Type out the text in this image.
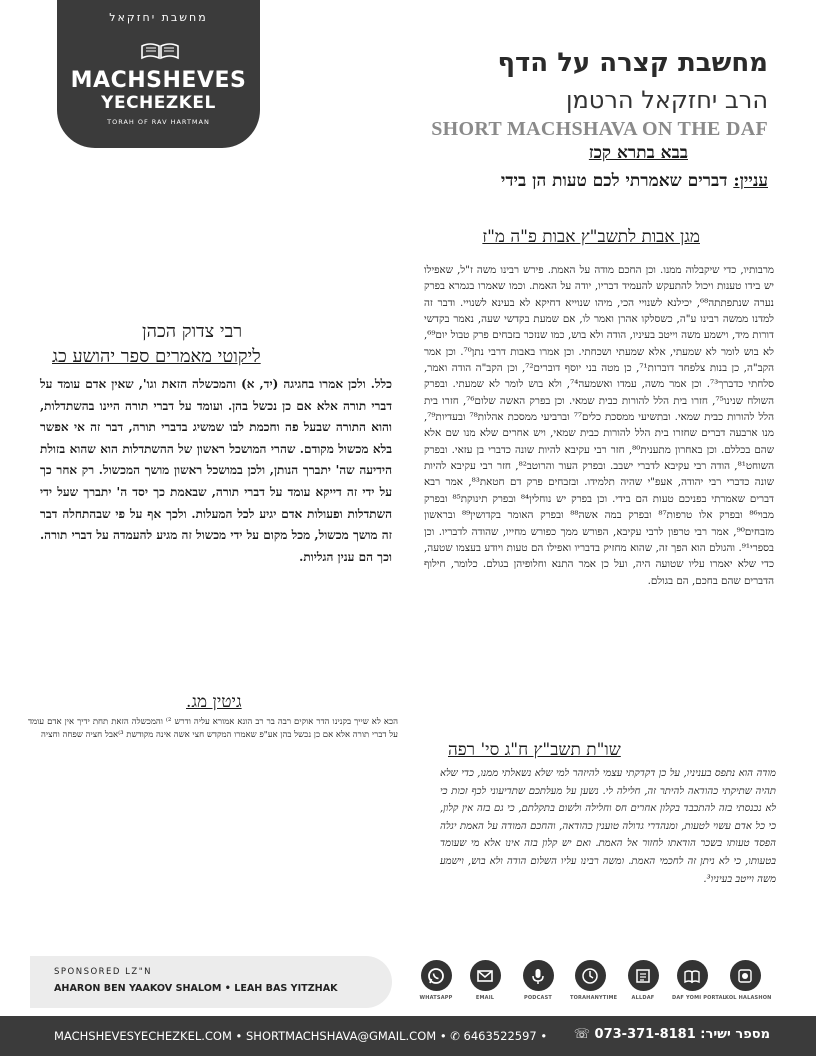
מחשבת יחזקאל
MACHSHEVES
YECHEZKEL
TORAH OF RAV HARTMAN
מחשבת קצרה על הדף
הרב יחזקאל הרטמן
SHORT MACHSHAVA ON THE DAF
בבא בתרא קכז
עניין: דברים שאמרתי לכם טעות הן בידי
מגן אבות לתשב"ץ אבות פ"ה מ"ז
מרבותיו, כדי שיקבלוה ממנו. וכן החכם מודה על האמת. פירש רבינו משה ז"ל, שאפילו יש בידו טענות ויכול להתעקש להעמיד דבריו, יודה על האמת. וכמו שאמרו בגמרא בפרק נערה שנתפתתה⁶⁸, יכילנא לשנויי הכי, מיהו שנוייא דחיקא לא בעינא לשנויי. ודבר זה למדנו ממשה רבינו ע"ה, כשסלקו אהרן ואמר לו, אם שמעת בקדשי שעה, נאמר בקדשי דורות מיד, וישמע משה וייטב בעיניו, הודה ולא בוש, כמו שנזכר בזבחים פרק טבול יום⁶⁹, לא בוש לומר לא שמעתי, אלא שמעתי ושכחתי. וכן אמרו באבות דרבי נתן⁷⁰. וכן אמר הקב"ה, כן בנות צלפחד דוברות⁷¹, כן מטה בני יוסף דוברים⁷², וכן הקב"ה הודה ואמר, סלחתי כדברך⁷³. וכן אמר משה, עמדו ואשמעה⁷⁴, ולא בוש לומר לא שמעתי. ובפרק השולח שנינו⁷⁵, חזרו בית הלל להורות כבית שמאי. וכן בפרק האשה שלום⁷⁶, חזרו בית הלל להורות כבית שמאי. ובתשיעי ממסכת כלים⁷⁷ וברביעי ממסכת אהלות⁷⁸ ובעדיות⁷⁹, מנו ארבעה דברים שחזרו בית הלל להורות כבית שמאי, ויש אחרים שלא מנו שם אלא שהם בכללם. וכן באחרון מתענית⁸⁰, חזר רבי עקיבא להיות שונה כדברי בן עזאי. ובפרק השוחט⁸¹, הודה רבי עקיבא לדברי ישבב. ובפרק העור והרוטב⁸², חזר רבי עקיבא להיות שונה כדברי רבי יהודה, אעפ"י שהיה תלמידו. ובזבחים פרק דם חטאת⁸³, אמר רבא דברים שאמרתי בפניכם טעות הם בידי. וכן בפרק יש נוחלין⁸⁴ ובפרק תינוקת⁸⁵ ובפרק מבוי⁸⁶ ובפרק אלו טרפות⁸⁷ ובפרק במה אשה⁸⁸ ובפרק האומר בקדושין⁸⁹ ובראשון מזבחים⁹⁰, אמר רבי טרפון לרבי עקיבא, הפורש ממך כפורש מחייו, שהודה לדבריו. וכן בספרי⁹¹. והגולם הוא הפך זה, שהוא מחזיק בדבריו ואפילו הם טעות ויודע בעצמו שטעה, כדי שלא יאמרו עליו שטועה היה, ועל כן אמר התנא וחלופיהן בגולם. כלומר, חילוף הדברים שהם בחכם, הם בגולם.
רבי צדוק הכהן
ליקוטי מאמרים ספר יהושע כג
כלל. ולכן אמרו בחגיגה (יד, א) והמכשלה הזאת וגו', שאין אדם עומד על דברי תורה אלא אם כן נכשל בהן. ועומד על דברי תורה היינו בהשתדלות, והוא התורה שבעל פה וחכמת לבו שמשיג בדברי תורה, דבר זה אי אפשר בלא מכשול מקודם. שהרי המושכל ראשון של ההשתדלות הוא שהוא בזולת הידיעה שה' יתברך הנותן, ולכן במושכל ראשון מושך המכשול. רק אחר כך על ידי זה דייקא עומד על דברי תורה, שבאמת כך יסד ה' יתברך שעל ידי השתדלות ופעולות אדם יגיע לכל המעלות. ולכך אף על פי שבהתחלה דבר זה מושך מכשול, מכל מקום על ידי מכשול זה מגיע להעמדה על דברי תורה. וכך הם ענין הגליות.
גיטין מג.
הכא לא שייך בקנינו הדר אוקים רבה בר רב הונא אמורא עליה ודרש ²⁾ והמכשלה הזאת תחת ידיך אין אדם עומד על דברי תורה אלא אם כן נכשל בהן אע"פ שאמרו המקדש חצי אשה אינה מקודשת ³⁾אבל חציה שפחה וחציה
שו"ת תשב"ץ ח"ג סי' רפה
מודה הוא נתפס בעניניו, על כן דקדקתי עצמי להיזהר למי שלא נשאלתי ממנו, כדי שלא תהיה שתיקתי כהודאה להיתר זה, חלילה לי. נשען על מעלתכם שתדיעוני לכף זכות כי לא נכנסתי בזה להתכבד בקלון אחרים חס וחלילה ולשום בתקלתם, כי גם בזה אין קלון, כי כל אדם עשוי לטעות, ומנהדרי גדולה טוענין כהודאה, והחכם המודה על האמת יגלה הפסד טעותו בשכר הודאתו לחזור אל האמת. ואם יש קלון בזה אינו אלא מי שעומד בטעותו, כי לא ניתן זה לחכמי האמת. ומשה רבינו עליו השלום הודה ולא בוש, וישמע משה וייטב בעיניו³.
SPONSORED LZ"N
AHARON BEN YAAKOV SHALOM • LEAH BAS YITZHAK
WHATSAPP	EMAIL	PODCAST	TORAHANYTIME	ALLDAF	DAF YOMI PORTAL
KOL HALASHON
MACHSHEVESYECHEZKEL.COM • SHORTMACHSHAVA@GMAIL.COM • ✆ 6463522597 • מספר ישיר: 073-371-8181 ☏
